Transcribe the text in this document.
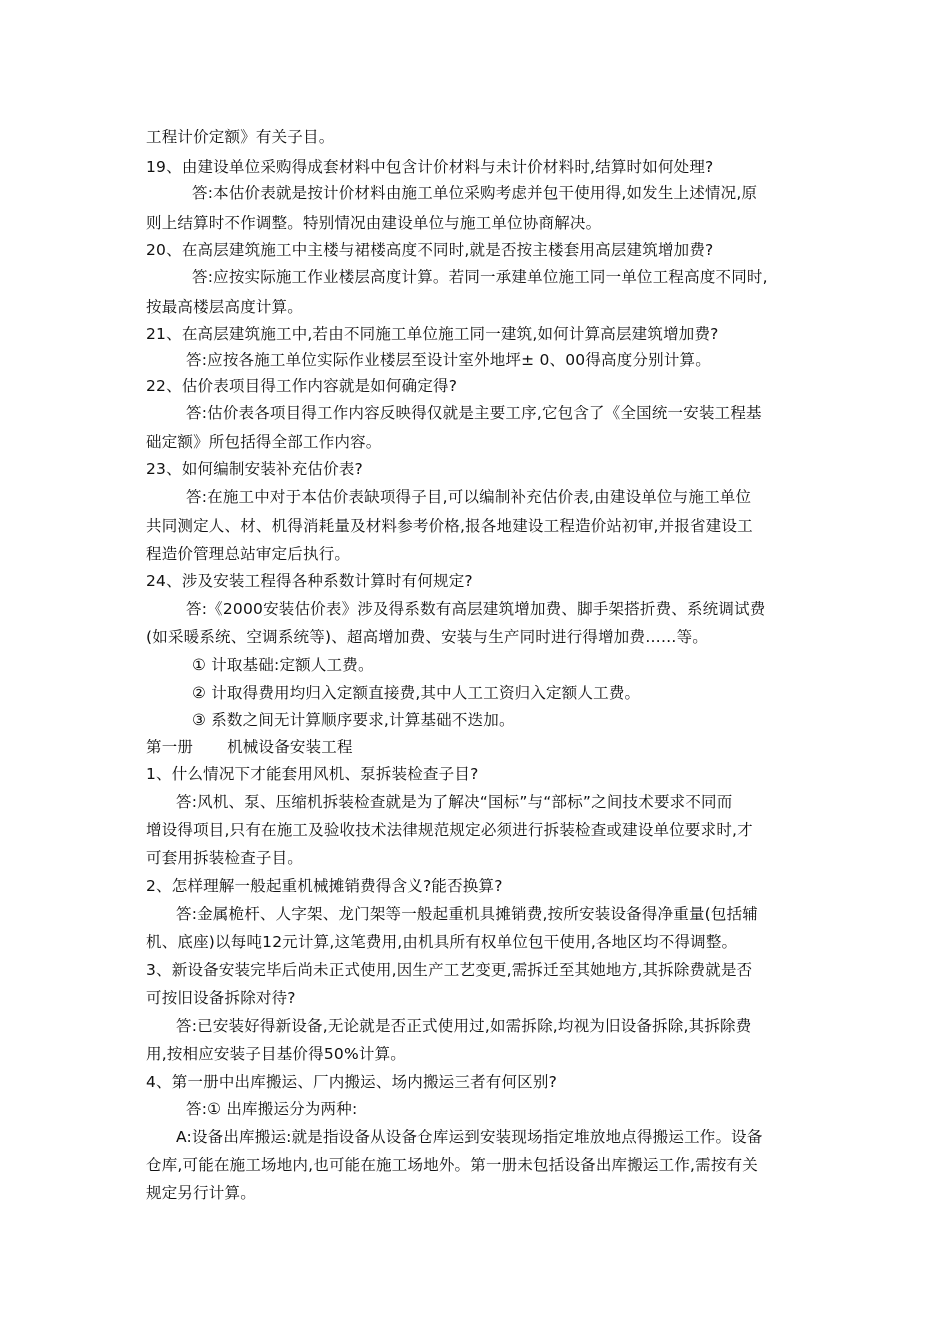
工程计价定额》有关子目。
19、由建设单位采购得成套材料中包含计价材料与未计价材料时,结算时如何处理?
答:本估价表就是按计价材料由施工单位采购考虑并包干使用得,如发生上述情况,原
则上结算时不作调整。特别情况由建设单位与施工单位协商解决。
20、在高层建筑施工中主楼与裙楼高度不同时,就是否按主楼套用高层建筑增加费?
答:应按实际施工作业楼层高度计算。若同一承建单位施工同一单位工程高度不同时,
按最高楼层高度计算。
21、在高层建筑施工中,若由不同施工单位施工同一建筑,如何计算高层建筑增加费?
答:应按各施工单位实际作业楼层至设计室外地坪± 0、00得高度分别计算。
22、估价表项目得工作内容就是如何确定得?
答:估价表各项目得工作内容反映得仅就是主要工序,它包含了《全国统一安装工程基
础定额》所包括得全部工作内容。
23、如何编制安装补充估价表?
答:在施工中对于本估价表缺项得子目,可以编制补充估价表,由建设单位与施工单位
共同测定人、材、机得消耗量及材料参考价格,报各地建设工程造价站初审,并报省建设工
程造价管理总站审定后执行。
24、涉及安装工程得各种系数计算时有何规定?
答:《2000安装估价表》涉及得系数有高层建筑增加费、脚手架搭折费、系统调试费
(如采暖系统、空调系统等)、超高增加费、安装与生产同时进行得增加费……等。
① 计取基础:定额人工费。
② 计取得费用均归入定额直接费,其中人工工资归入定额人工费。
③ 系数之间无计算顺序要求,计算基础不迭加。
第一册 机械设备安装工程
1、什么情况下才能套用风机、泵拆装检查子目?
答:风机、泵、压缩机拆装检查就是为了解决“国标”与“部标”之间技术要求不同而
增设得项目,只有在施工及验收技术法律规范规定必须进行拆装检查或建设单位要求时,才
可套用拆装检查子目。
2、怎样理解一般起重机械摊销费得含义?能否换算?
答:金属桅杆、人字架、龙门架等一般起重机具摊销费,按所安装设备得净重量(包括辅
机、底座)以每吨12元计算,这笔费用,由机具所有权单位包干使用,各地区均不得调整。
3、新设备安装完毕后尚未正式使用,因生产工艺变更,需拆迁至其她地方,其拆除费就是否
可按旧设备拆除对待?
答:已安装好得新设备,无论就是否正式使用过,如需拆除,均视为旧设备拆除,其拆除费
用,按相应安装子目基价得50%计算。
4、第一册中出库搬运、厂内搬运、场内搬运三者有何区别?
答:① 出库搬运分为两种:
A:设备出库搬运:就是指设备从设备仓库运到安装现场指定堆放地点得搬运工作。设备
仓库,可能在施工场地内,也可能在施工场地外。第一册未包括设备出库搬运工作,需按有关
规定另行计算。
